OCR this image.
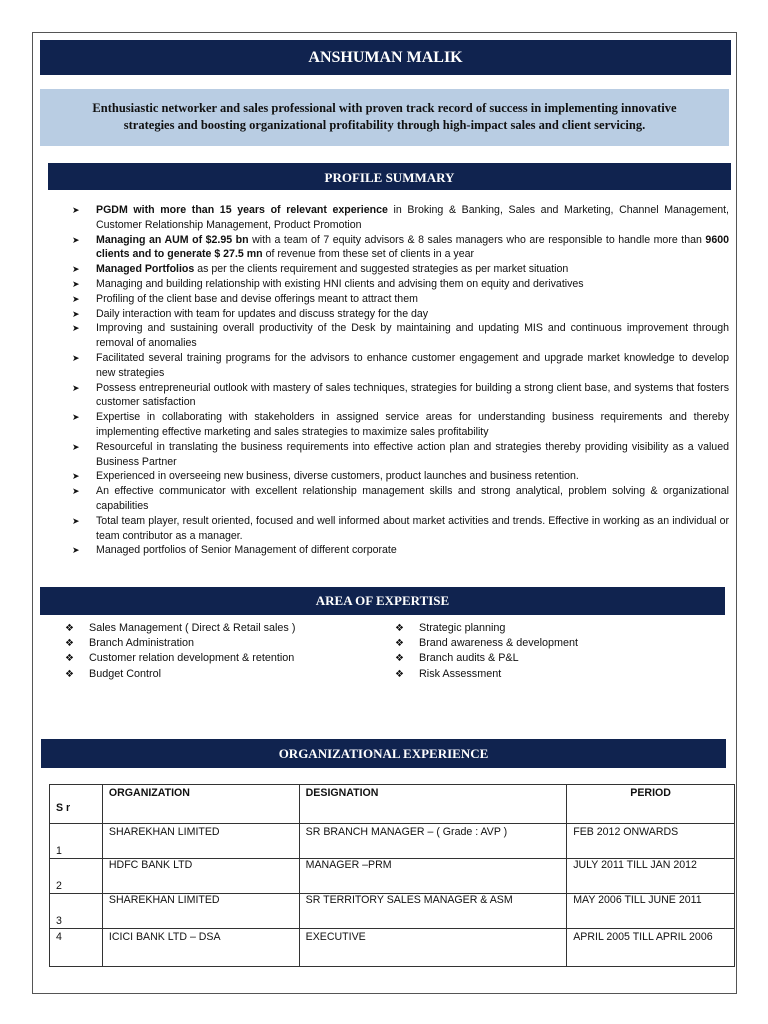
ANSHUMAN MALIK
Enthusiastic networker and sales professional with proven track record of success in implementing innovative
strategies and boosting organizational profitability through high-impact sales and client servicing.
PROFILE SUMMARY
➤ PGDM with more than 15 years of relevant experience in Broking & Banking, Sales and Marketing, Channel Management, Customer Relationship Management, Product Promotion
➤ Managing an AUM of $2.95 bn with a team of 7 equity advisors & 8 sales managers who are responsible to handle more than 9600 clients and to generate $ 27.5 mn of revenue from these set of clients in a year
➤ Managed Portfolios as per the clients requirement and suggested strategies as per market situation
➤ Managing and building relationship with existing HNI clients and advising them on equity and derivatives
➤ Profiling of the client base and devise offerings meant to attract them
➤ Daily interaction with team for updates and discuss strategy for the day
➤ Improving and sustaining overall productivity of the Desk by maintaining and updating MIS and continuous improvement through removal of anomalies
➤ Facilitated several training programs for the advisors to enhance customer engagement and upgrade market knowledge to develop new strategies
➤ Possess entrepreneurial outlook with mastery of sales techniques, strategies for building a strong client base, and systems that fosters customer satisfaction
➤ Expertise in collaborating with stakeholders in assigned service areas for understanding business requirements and thereby implementing effective marketing and sales strategies to maximize sales profitability
➤ Resourceful in translating the business requirements into effective action plan and strategies thereby providing visibility as a valued Business Partner
➤ Experienced in overseeing new business, diverse customers, product launches and business retention.
➤ An effective communicator with excellent relationship management skills and strong analytical, problem solving & organizational capabilities
➤ Total team player, result oriented, focused and well informed about market activities and trends. Effective in working as an individual or team contributor as a manager.
➤ Managed portfolios of Senior Management of different corporate
AREA OF EXPERTISE
❖ Sales Management ( Direct & Retail sales )
❖ Branch Administration
❖ Customer relation development & retention
❖ Budget Control
❖ Strategic planning
❖ Brand awareness & development
❖ Branch audits & P&L
❖ Risk Assessment
ORGANIZATIONAL EXPERIENCE
S r	ORGANIZATION	DESIGNATION	PERIOD
1	SHAREKHAN LIMITED	SR BRANCH MANAGER – ( Grade : AVP )	FEB 2012 ONWARDS
2	HDFC BANK LTD	MANAGER –PRM	JULY 2011 TILL JAN 2012
3	SHAREKHAN LIMITED	SR TERRITORY SALES MANAGER & ASM	MAY 2006 TILL JUNE 2011
4	ICICI BANK LTD – DSA	EXECUTIVE	APRIL 2005 TILL APRIL 2006
